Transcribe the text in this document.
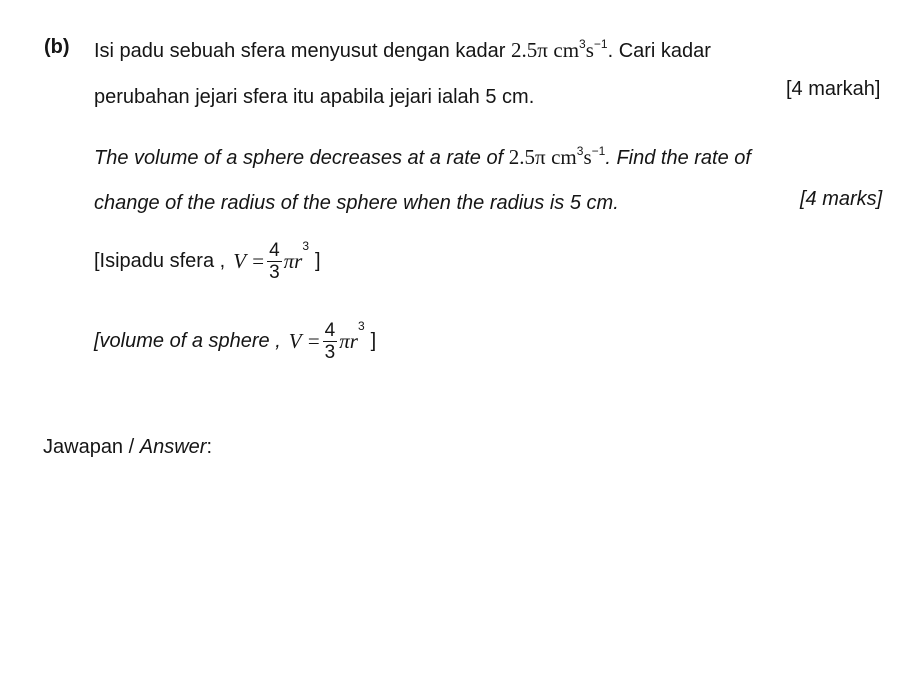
(b) Isi padu sebuah sfera menyusut dengan kadar 2.5π $cm^3s^{-1}$. Cari kadar
perubahan jejari sfera itu apabila jejari ialah 5 cm.	[4 markah]
The volume of a sphere decreases at a rate of 2.5π $cm^3s^{-1}$. Find the rate of
change of the radius of the sphere when the radius is 5 cm.	[4 marks]
[Isipadu sfera , $V = \frac{4}{3}$ πr
3
]
[volume of a sphere , $V = \frac{4}{3}$ πr
3
]
Jawapan / Answer:
